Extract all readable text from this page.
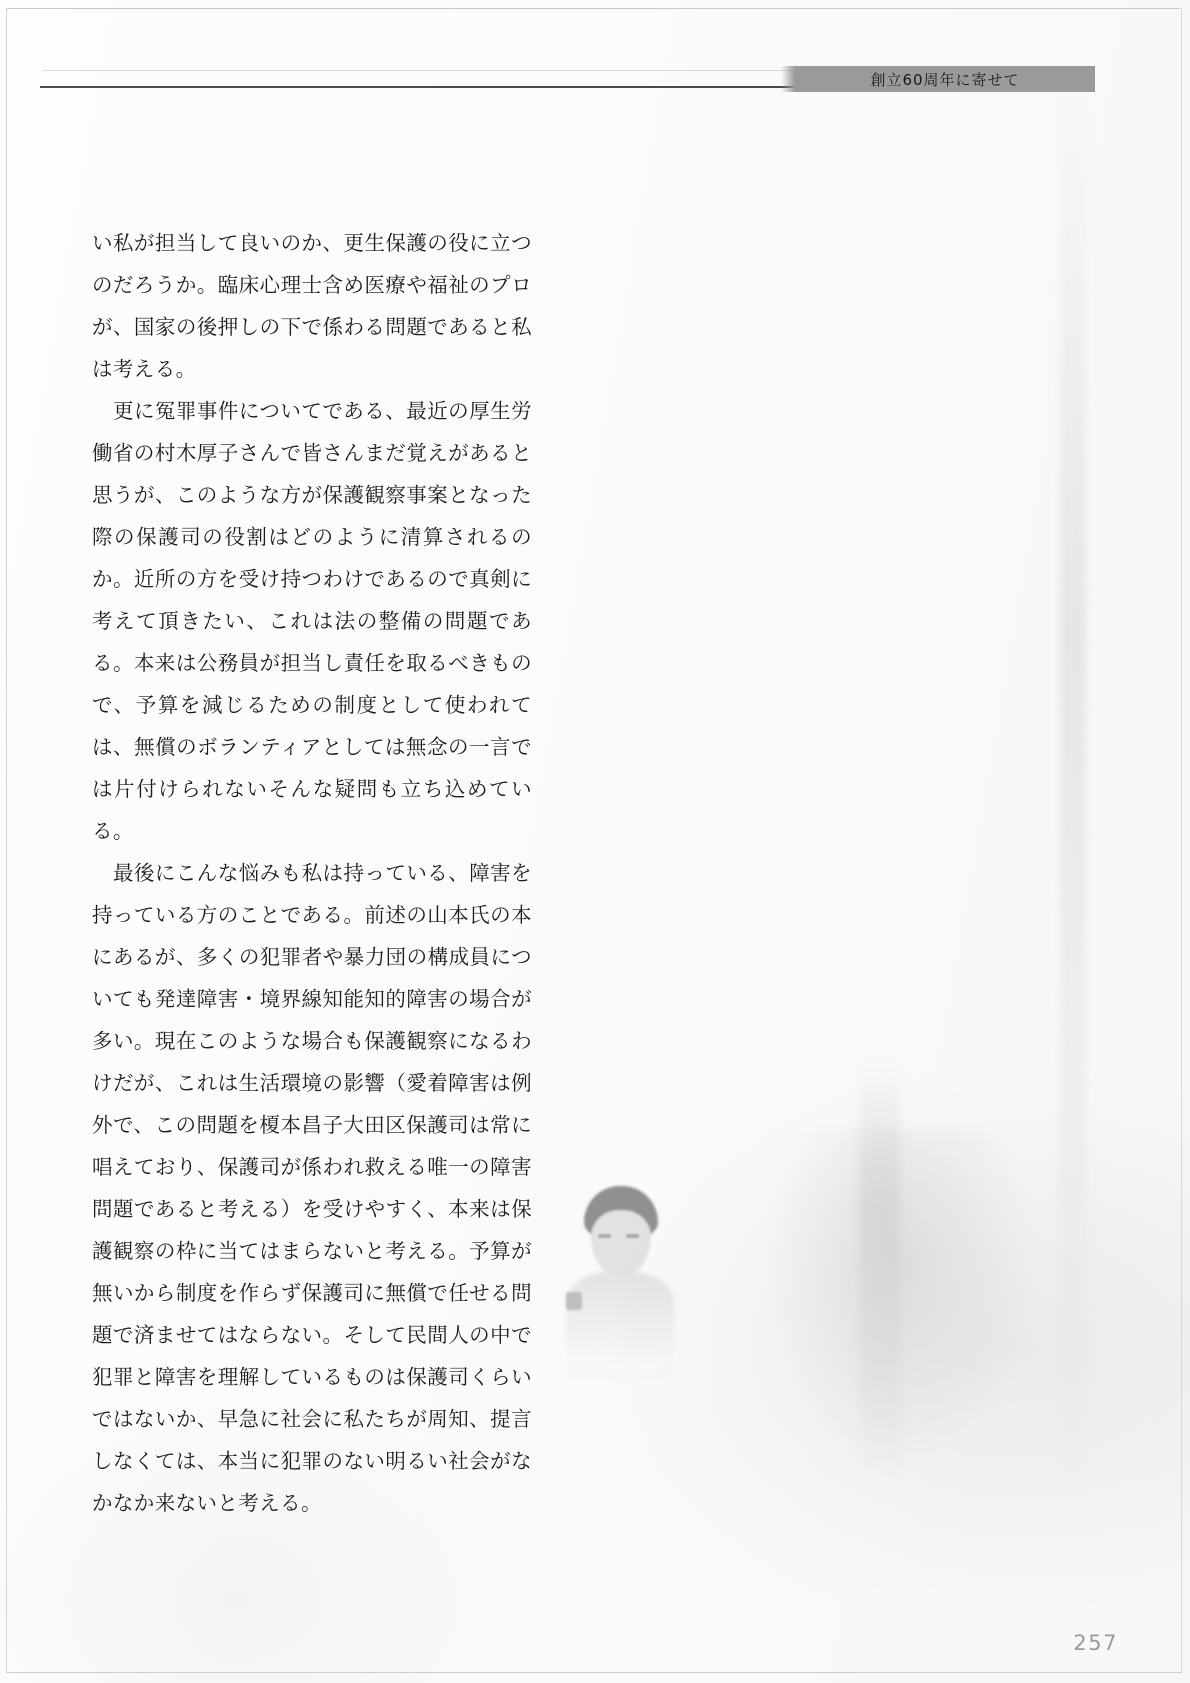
創立60周年に寄せて

い私が担当して良いのか、更生保護の役に立つのだろうか。臨床心理士含め医療や福祉のプロが、国家の後押しの下で係わる問題であると私は考える。

更に冤罪事件についてである、最近の厚生労働省の村木厚子さんで皆さんまだ覚えがあると思うが、このような方が保護観察事案となった際の保護司の役割はどのように清算されるのか。近所の方を受け持つわけであるので真剣に考えて頂きたい、これは法の整備の問題である。本来は公務員が担当し責任を取るべきもので、予算を減じるための制度として使われては、無償のボランティアとしては無念の一言では片付けられないそんな疑問も立ち込めている。

最後にこんな悩みも私は持っている、障害を持っている方のことである。前述の山本氏の本にあるが、多くの犯罪者や暴力団の構成員についても発達障害・境界線知能知的障害の場合が多い。現在このような場合も保護観察になるわけだが、これは生活環境の影響（愛着障害は例外で、この問題を榎本昌子大田区保護司は常に唱えており、保護司が係われ救える唯一の障害問題であると考える）を受けやすく、本来は保護観察の枠に当てはまらないと考える。予算が無いから制度を作らず保護司に無償で任せる問題で済ませてはならない。そして民間人の中で犯罪と障害を理解しているものは保護司くらいではないか、早急に社会に私たちが周知、提言しなくては、本当に犯罪のない明るい社会がなかなか来ないと考える。

257
